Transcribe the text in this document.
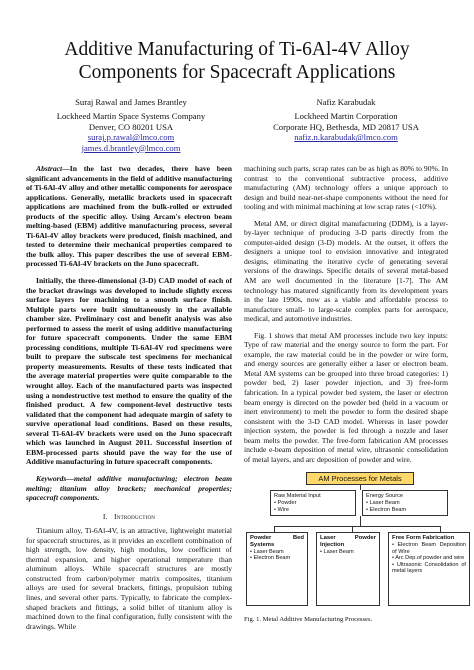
Additive Manufacturing of Ti-6Al-4V Alloy
Components for Spacecraft Applications
Suraj Rawal and James Brantley
Lockheed Martin Space Systems Company
Denver, CO 80201 USA
suraj.p.rawal@lmco.com
james.d.brantley@lmco.com
Nafiz Karabudak
Lockheed Martin Corporation
Corporate HQ, Bethesda, MD 20817 USA
nafiz.n.karabudak@lmco.com

Abstract—In the last two decades, there have been significant advancements in the field of additive manufacturing of Ti-6Al-4V alloy and other metallic components for aerospace applications. Generally, metallic brackets used in spacecraft applications are machined from the bulk-rolled or extruded products of the specific alloy. Using Arcam's electron beam melting-based (EBM) additive manufacturing process, several Ti-6Al-4V alloy brackets were produced, finish machined, and tested to determine their mechanical properties compared to the bulk alloy. This paper describes the use of several EBM-processed Ti-6Al-4V brackets on the Juno spacecraft.

Initially, the three-dimensional (3-D) CAD model of each of the bracket drawings was developed to include slightly excess surface layers for machining to a smooth surface finish. Multiple parts were built simultaneously in the available chamber size. Preliminary cost and benefit analysis was also performed to assess the merit of using additive manufacturing for future spacecraft components. Under the same EBM processing conditions, multiple Ti-6Al-4V rod specimens were built to prepare the subscale test specimens for mechanical property measurements. Results of these tests indicated that the average material properties were quite comparable to the wrought alloy. Each of the manufactured parts was inspected using a nondestructive test method to ensure the quality of the finished product. A few component-level destructive tests validated that the component had adequate margin of safety to survive operational load conditions. Based on these results, several Ti-6Al-4V brackets were used on the Juno spacecraft which was launched in August 2011. Successful insertion of EBM-processed parts should pave the way for the use of Additive manufacturing in future spacecraft components.

Keywords—metal additive manufacturing; electron beam melting; titanium alloy brackets; mechanical properties; spacecraft components.

I. Introduction

Titanium alloy, Ti-6Al-4V, is an attractive, lightweight material for spacecraft structures, as it provides an excellent combination of high strength, low density, high modulus, low coefficient of thermal expansion, and higher operational temperature than aluminum alloys. While spacecraft structures are mostly constructed from carbon/polymer matrix composites, titanium alloys are used for several brackets, fittings, propulsion tubing lines, and several other parts. Typically, to fabricate the complex-shaped brackets and fittings, a solid billet of titanium alloy is machined down to the final configuration, fully consistent with the drawings. While

machining such parts, scrap rates can be as high as 80% to 90%. In contrast to the conventional subtractive process, additive manufacturing (AM) technology offers a unique approach to design and build near-net-shape components without the need for tooling and with minimal machining at low scrap rates (<10%).

Metal AM, or direct digital manufacturing (DDM), is a layer-by-layer technique of producing 3-D parts directly from the computer-aided design (3-D) models. At the outset, it offers the designers a unique tool to envision innovative and integrated designs, eliminating the iterative cycle of generating several versions of the drawings. Specific details of several metal-based AM are well documented in the literature [1-7]. The AM technology has matured significantly from its development years in the late 1990s, now as a viable and affordable process to manufacture small- to large-scale complex parts for aerospace, medical, and automotive industries.

Fig. 1 shows that metal AM processes include two key inputs: Type of raw material and the energy source to form the part. For example, the raw material could be in the powder or wire form, and energy sources are generally either a laser or electron beam. Metal AM systems can be grouped into three broad categories: 1) powder bed, 2) laser powder injection, and 3) free-form fabrication. In a typical powder bed system, the laser or electron beam energy is directed on the powder bed (held in a vacuum or inert environment) to melt the powder to form the desired shape consistent with the 3-D CAD model. Whereas in laser powder injection system, the powder is fed through a nozzle and laser beam melts the powder. The free-form fabrication AM processes include e-beam deposition of metal wire, ultrasonic consolidation of metal layers, and arc deposition of powder and wire.

AM Processes for Metals
Raw Material Input
• Powder
• Wire
Energy Source
• Laser Beam
• Electron Beam
Powder Bed Systems
• Laser Beam
• Electron Beam
Laser Powder Injection
• Laser Beam
Free Form Fabrication
• Electron Beam Deposition of Wire
• Arc Dep.of powder and wire
• Ultrasonic Consolidation of metal layers
Fig. 1. Metal Additive Manufacturing Processes.
